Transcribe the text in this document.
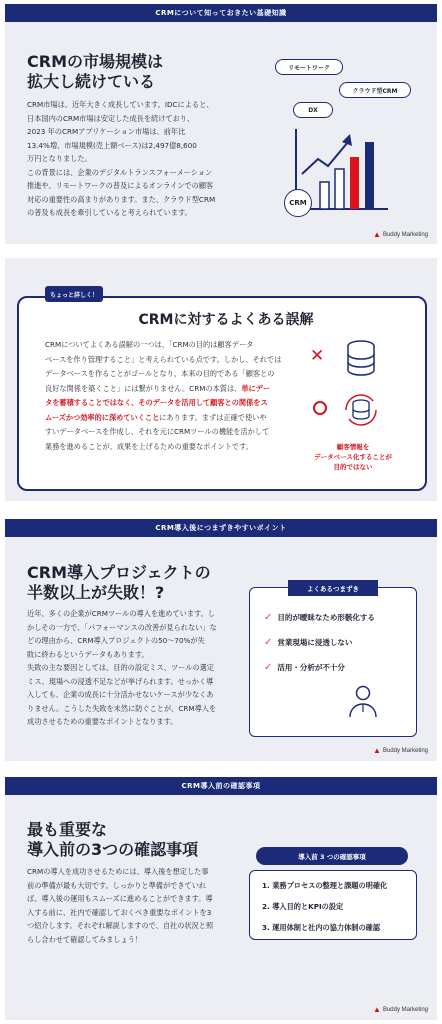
CRMについて知っておきたい基礎知識
CRMの市場規模は
拡大し続けている
CRM市場は、近年大きく成長しています。IDCによると、
日本国内のCRM市場は安定した成長を続けており、
2023 年のCRMアプリケーション市場は、前年比
13.4%増、市場規模(売上額ベース)は2,497億8,600
万円となりました。
この背景には、企業のデジタルトランスフォーメーション
推進や、リモートワークの普及によるオンラインでの顧客
対応の重要性の高まりがあります。また、クラウド型CRM
の普及も成長を牽引していると考えられています。
リモートワーク
クラウド型CRM
DX
CRM
▲ Buddy Marketing
ちょっと詳しく！
CRMに対するよくある誤解
CRMについてよくある誤解の一つは、「CRMの目的は顧客データ
ベースを作り管理すること」と考えられている点です。しかし、それでは
データベースを作ることがゴールとなり、本来の目的である「顧客との
良好な関係を築くこと」には繋がりません。CRMの本質は、単にデー
タを蓄積することではなく、そのデータを活用して顧客との関係をス
ムーズかつ効率的に深めていくことにあります。まずは正確で使いや
すいデータベースを作成し、それを元にCRMツールの機能を活かして
業務を進めることが、成果を上げるための重要なポイントです。
✕
顧客情報を
データベース化することが
目的ではない
CRM導入後につまずきやすいポイント
CRM導入プロジェクトの
半数以上が失敗！?
近年、多くの企業がCRMツールの導入を進めています。し
かしその一方で、「パフォーマンスの改善が見られない」な
どの理由から、CRM導入プロジェクトの50〜70%が失
敗に終わるというデータもあります。
失敗の主な要因としては、目的の設定ミス、ツールの選定
ミス、現場への浸透不足などが挙げられます。せっかく導
入しても、企業の成長に十分活かせないケースが少なくあ
りません。こうした失敗を未然に防ぐことが、CRM導入を
成功させるための重要なポイントとなります。
よくあるつまずき
✓ 目的が曖昧なため形骸化する
✓ 営業現場に浸透しない
✓ 活用・分析が不十分
▲ Buddy Marketing
CRM導入前の確認事項
最も重要な
導入前の3つの確認事項
CRMの導入を成功させるためには、導入後を想定した事
前の準備が最も大切です。しっかりと準備ができていれ
ば、導入後の運用もスムーズに進めることができます。導
入する前に、社内で確認しておくべき重要なポイントを3
つ紹介します。それぞれ解説しますので、自社の状況と照
らし合わせて確認してみましょう！
導入前 3 つの確認事項
1. 業務プロセスの整理と課題の明確化
2. 導入目的とKPIの設定
3. 運用体制と社内の協力体制の確認
▲ Buddy Marketing
